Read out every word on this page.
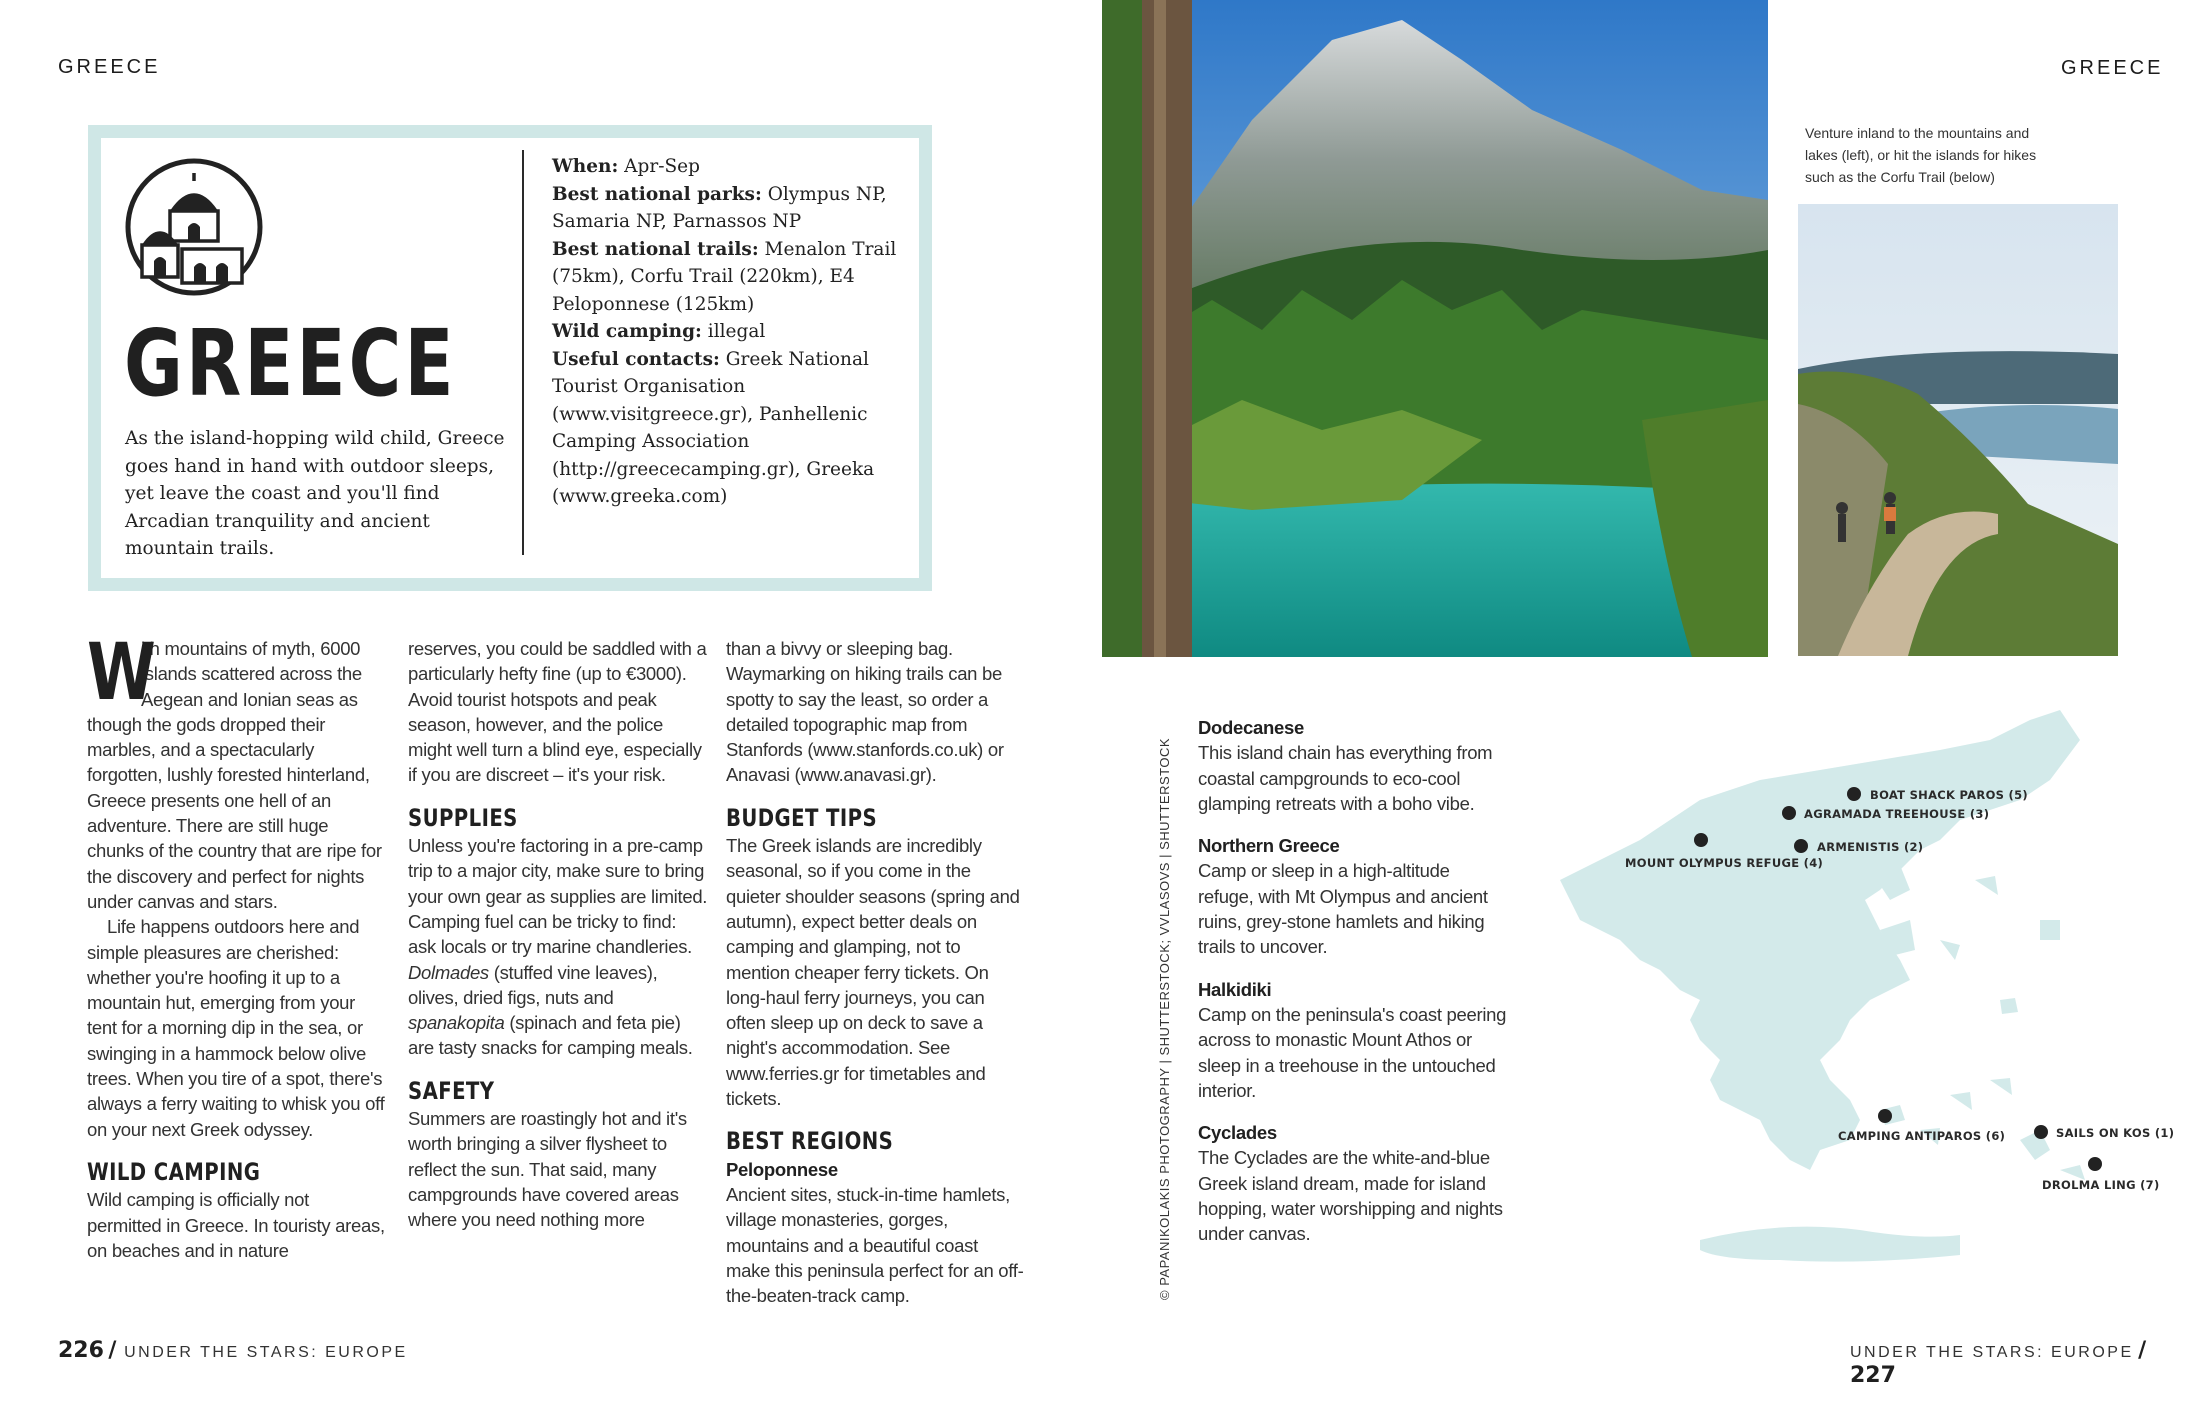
GREECE
GREECE
As the island-hopping wild child, Greece goes hand in hand with outdoor sleeps, yet leave the coast and you'll find Arcadian tranquility and ancient mountain trails.
When: Apr-Sep
Best national parks: Olympus NP, Samaria NP, Parnassos NP
Best national trails: Menalon Trail (75km), Corfu Trail (220km), E4 Peloponnese (125km)
Wild camping: illegal
Useful contacts: Greek National Tourist Organisation (www.visitgreece.gr), Panhellenic Camping Association (http://greececamping.gr), Greeka (www.greeka.com)

W
ith mountains of myth, 6000 islands scattered across the Aegean and Ionian seas as though the gods dropped their marbles, and a spectacularly forgotten, lushly forested hinterland, Greece presents one hell of an adventure. There are still huge chunks of the country that are ripe for the discovery and perfect for nights under canvas and stars.

Life happens outdoors here and simple pleasures are cherished: whether you're hoofing it up to a mountain hut, emerging from your tent for a morning dip in the sea, or swinging in a hammock below olive trees. When you tire of a spot, there's always a ferry waiting to whisk you off on your next Greek odyssey.

WILD CAMPING

Wild camping is officially not permitted in Greece. In touristy areas, on beaches and in nature

reserves, you could be saddled with a particularly hefty fine (up to €3000). Avoid tourist hotspots and peak season, however, and the police might well turn a blind eye, especially if you are discreet – it's your risk.

SUPPLIES

Unless you're factoring in a pre-camp trip to a major city, make sure to bring your own gear as supplies are limited. Camping fuel can be tricky to find: ask locals or try marine chandleries. Dolmades (stuffed vine leaves), olives, dried figs, nuts and spanakopita (spinach and feta pie) are tasty snacks for camping meals.

SAFETY

Summers are roastingly hot and it's worth bringing a silver flysheet to reflect the sun. That said, many campgrounds have covered areas where you need nothing more

than a bivvy or sleeping bag. Waymarking on hiking trails can be spotty to say the least, so order a detailed topographic map from Stanfords (www.stanfords.co.uk) or Anavasi (www.anavasi.gr).

BUDGET TIPS

The Greek islands are incredibly seasonal, so if you come in the quieter shoulder seasons (spring and autumn), expect better deals on camping and glamping, not to mention cheaper ferry tickets. On long-haul ferry journeys, you can often sleep up on deck to save a night's accommodation. See www.ferries.gr for timetables and tickets.

BEST REGIONS

Peloponnese

Ancient sites, stuck-in-time hamlets, village monasteries, gorges, mountains and a beautiful coast make this peninsula perfect for an off-the-beaten-track camp.

226 / UNDER THE STARS: EUROPE
GREECE
Venture inland to the mountains and lakes (left), or hit the islands for hikes such as the Corfu Trail (below)
© PAPANIKOLAKIS PHOTOGRAPHY | SHUTTERSTOCK; VVLASOVS | SHUTTERSTOCK
Dodecanese
This island chain has everything from coastal campgrounds to eco-cool glamping retreats with a boho vibe.
Northern Greece
Camp or sleep in a high-altitude refuge, with Mt Olympus and ancient ruins, grey-stone hamlets and hiking trails to uncover.
Halkidiki
Camp on the peninsula's coast peering across to monastic Mount Athos or sleep in a treehouse in the untouched interior.
Cyclades
The Cyclades are the white-and-blue Greek island dream, made for island hopping, water worshipping and nights under canvas.
BOAT SHACK PAROS (5)
AGRAMADA TREEHOUSE (3)
ARMENISTIS (2)
MOUNT OLYMPUS REFUGE (4)
CAMPING ANTIPAROS (6)	SAILS ON KOS (1)
DROLMA LING (7)
UNDER THE STARS: EUROPE / 227
